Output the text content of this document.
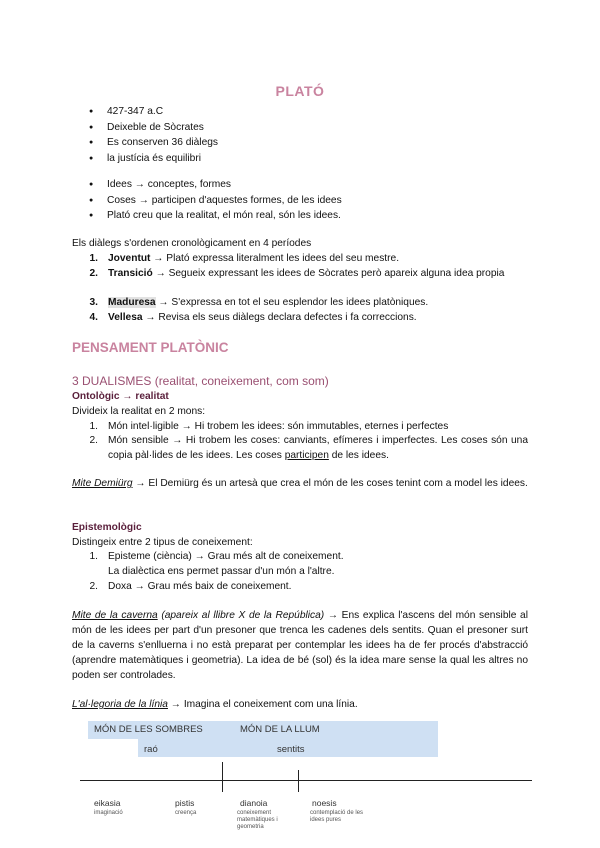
PLATÓ
● 427-347 a.C
● Deixeble de Sòcrates
● Es conserven 36 diàlegs
● la justícia és equilibri
● Idees → conceptes, formes
● Coses → participen d'aquestes formes, de les idees
● Plató creu que la realitat, el món real, són les idees.
Els diàlegs s'ordenen cronològicament en 4 períodes
1. Joventut → Plató expressa literalment les idees del seu mestre.
2. Transició → Segueix expressant les idees de Sòcrates però apareix alguna idea propia
3. Maduresa → S'expressa en tot el seu esplendor les idees platòniques.
4. Vellesa → Revisa els seus diàlegs declara defectes i fa correccions.
PENSAMENT PLATÒNIC
3 DUALISMES (realitat, coneixement, com som)
Ontològic → realitat
Divideix la realitat en 2 mons:
1. Món intel·ligible → Hi trobem les idees: són immutables, eternes i perfectes
2. Món sensible → Hi trobem les coses: canviants, efímeres i imperfectes. Les coses són una copia pàl·lides de les idees. Les coses participen de les idees.
Mite Demiürg → El Demiürg és un artesà que crea el món de les coses tenint com a model les idees.
Epistemològic
Distingeix entre 2 tipus de coneixement:
1. Episteme (ciència) → Grau més alt de coneixement.
La dialèctica ens permet passar d'un món a l'altre.
2. Doxa → Grau més baix de coneixement.
Mite de la caverna (apareix al llibre X de la República) → Ens explica l'ascens del món sensible al món de les idees per part d'un presoner que trenca les cadenes dels sentits. Quan el presoner surt de la caverns s'enlluerna i no està preparat per contemplar les idees ha de fer procés d'abstracció (aprendre matemàtiques i geometria). La idea de bé (sol) és la idea mare sense la qual les altres no poden ser controlades.
L'al·legoria de la línia → Imagina el coneixement com una línia.
MÓN DE LES SOMBRES	MÓN DE LA LLUM
raó	sentits
eikasia
imaginació
pistis
creença
dianoia
coneixement matemàtiques i geometria
noesis
contemplació de les idees pures
